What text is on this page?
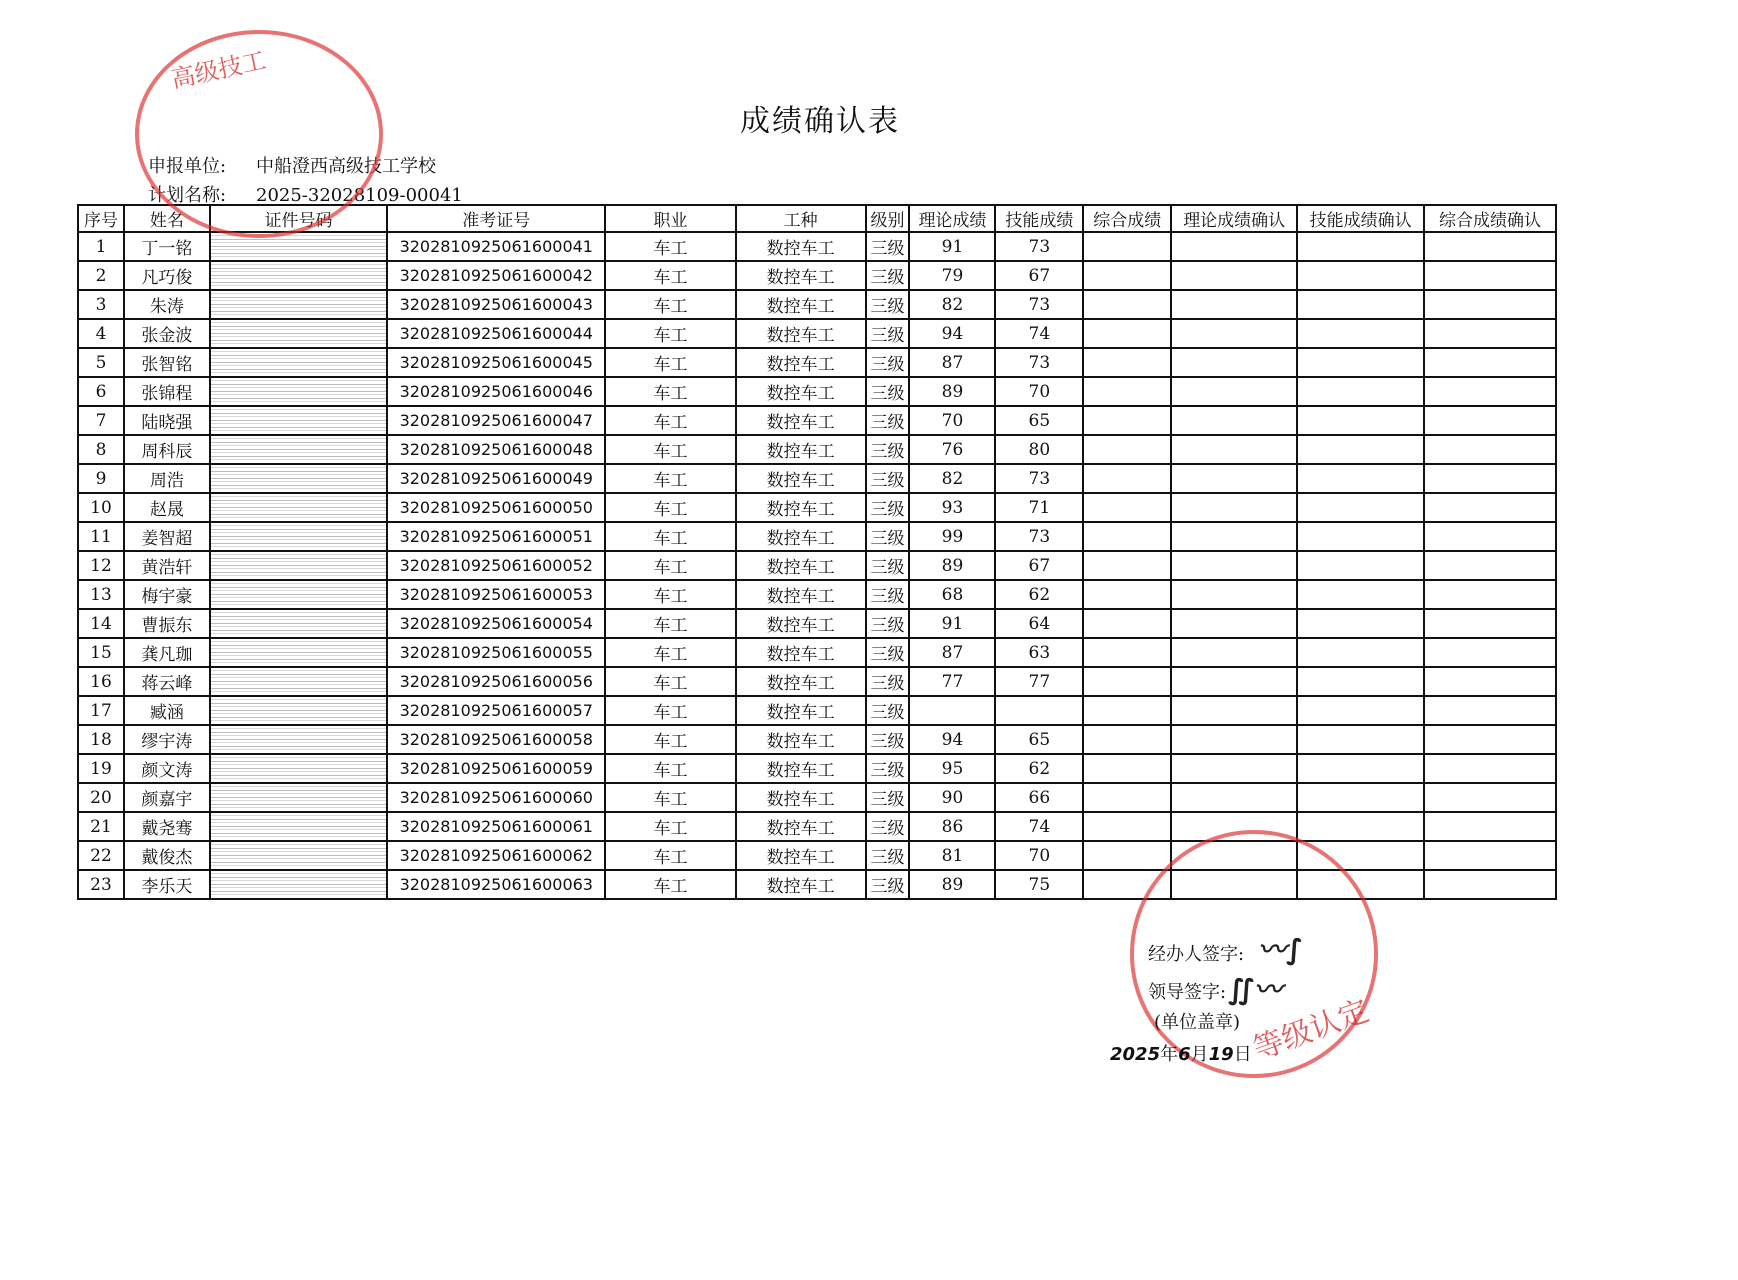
成绩确认表
申报单位: 中船澄西高级技工学校
计划名称: 2025-32028109-00041
序号	姓名	证件号码	准考证号	职业	工种	级别	理论成绩	技能成绩	综合成绩	理论成绩确认	技能成绩确认	综合成绩确认
1	丁一铭		320281092506160004​1	车工	数控车工	三级	91	73				
2	凡巧俊		3202810925061600042	车工	数控车工	三级	79	67				
3	朱涛		3202810925061600043	车工	数控车工	三级	82	73				
4	张金波		3202810925061600044	车工	数控车工	三级	94	74				
5	张智铭		3202810925061600045	车工	数控车工	三级	87	73				
6	张锦程		3202810925061600046	车工	数控车工	三级	89	70				
7	陆晓强		3202810925061600047	车工	数控车工	三级	70	65				
8	周科辰		3202810925061600048	车工	数控车工	三级	76	80				
9	周浩		3202810925061600049	车工	数控车工	三级	82	73				
10	赵晟		3202810925061600050	车工	数控车工	三级	93	71				
11	姜智超		3202810925061600051	车工	数控车工	三级	99	73				
12	黄浩轩		3202810925061600052	车工	数控车工	三级	89	67				
13	梅宇豪		3202810925061600053	车工	数控车工	三级	68	62				
14	曹振东		3202810925061600054	车工	数控车工	三级	91	64				
15	龚凡珈		3202810925061600055	车工	数控车工	三级	87	63				
16	蒋云峰		3202810925061600056	车工	数控车工	三级	77	77				
17	臧涵		3202810925061600057	车工	数控车工	三级						
18	缪宇涛		3202810925061600058	车工	数控车工	三级	94	65				
19	颜文涛		3202810925061600059	车工	数控车工	三级	95	62				
20	颜嘉宇		3202810925061600060	车工	数控车工	三级	90	66				
21	戴尧骞		3202810925061600061	车工	数控车工	三级	86	74				
22	戴俊杰		3202810925061600062	车工	数控车工	三级	81	70				
23	李乐天		3202810925061600063	车工	数控车工	三级	89	75				
高级技工
等级认定
经办人签字: 〰∫
领导签字: ∬〰
(单位盖章)
2025年6月19日
